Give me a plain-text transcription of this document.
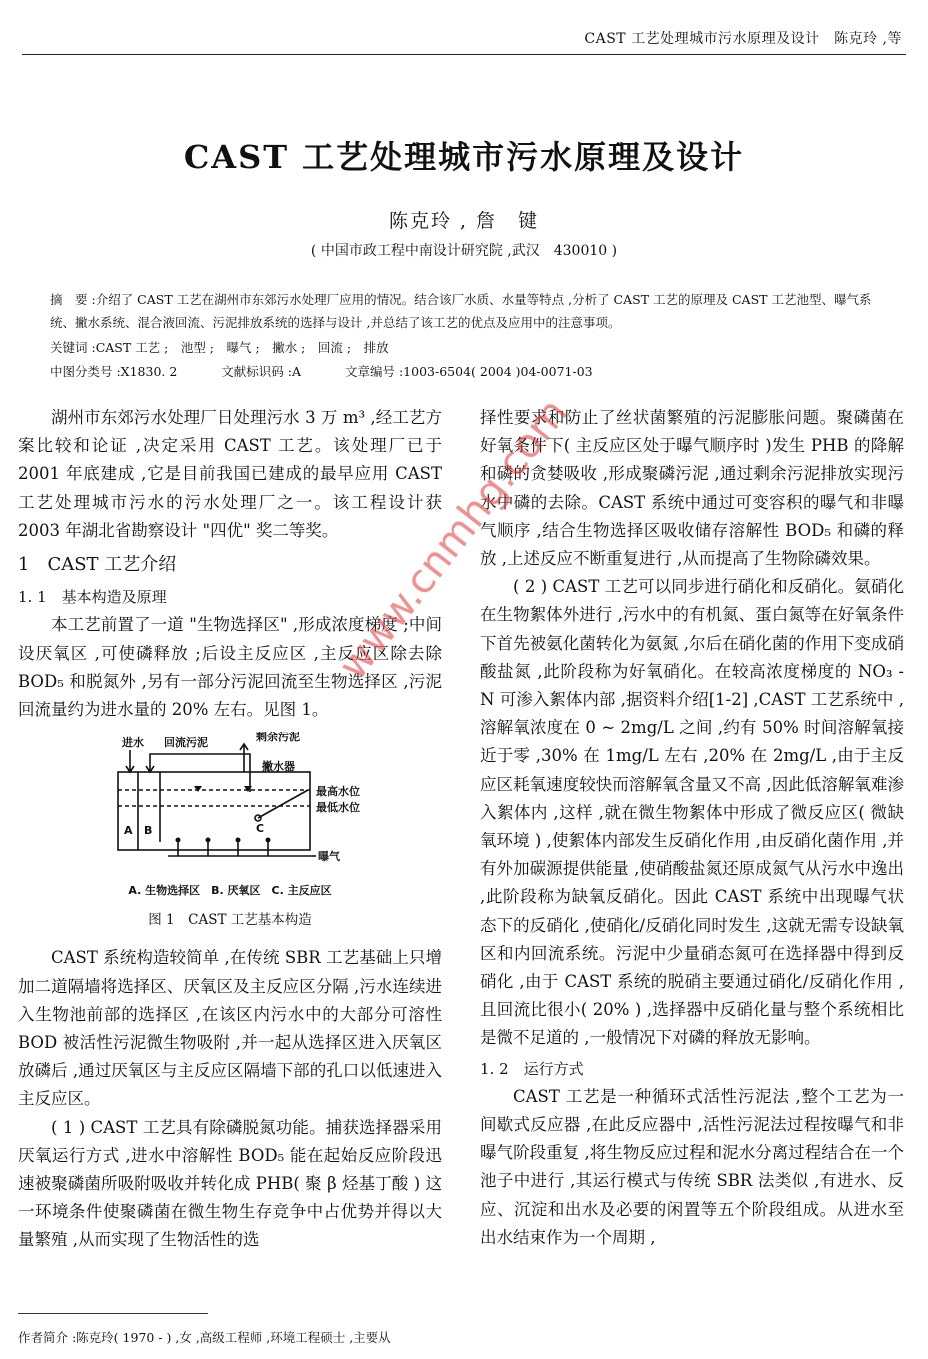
CAST 工艺处理城市污水原理及设计　陈克玲 ,等
CAST 工艺处理城市污水原理及设计
陈克玲 , 詹　键
( 中国市政工程中南设计研究院 ,武汉　430010 )
摘　要 :介绍了 CAST 工艺在湖州市东郊污水处理厂应用的情况。结合该厂水质、水量等特点 ,分析了 CAST 工艺的原理及 CAST 工艺池型、曝气系统、撇水系统、混合液回流、污泥排放系统的选择与设计 ,并总结了该工艺的优点及应用中的注意事项。
关键词 :CAST 工艺 ;　池型 ;　曝气 ;　撇水 ;　回流 ;　排放
中图分类号 :X1830. 2	文献标识码 :A	文章编号 :1003-6504( 2004 )04-0071-03

湖州市东郊污水处理厂日处理污水 3 万 m³ ,经工艺方案比较和论证 ,决定采用 CAST 工艺。该处理厂已于 2001 年底建成 ,它是目前我国已建成的最早应用 CAST 工艺处理城市污水的污水处理厂之一。该工程设计获 2003 年湖北省勘察设计 "四优" 奖二等奖。

1　CAST 工艺介绍
1. 1　基本构造及原理

本工艺前置了一道 "生物选择区" ,形成浓度梯度 ;中间设厌氧区 ,可使磷释放 ;后设主反应区 ,主反应区除去除 BOD₅ 和脱氮外 ,另有一部分污泥回流至生物选择区 ,污泥回流量约为进水量的 20% 左右。见图 1。

进水 回流污泥	剩余污泥
撇水器
最高水位
最低水位
曝气
A B	C
A. 生物选择区　B. 厌氧区　C. 主反应区
图 1　CAST 工艺基本构造

CAST 系统构造较简单 ,在传统 SBR 工艺基础上只增加二道隔墙将选择区、厌氧区及主反应区分隔 ,污水连续进入生物池前部的选择区 ,在该区内污水中的大部分可溶性 BOD 被活性污泥微生物吸附 ,并一起从选择区进入厌氧区放磷后 ,通过厌氧区与主反应区隔墙下部的孔口以低速进入主反应区。

( 1 ) CAST 工艺具有除磷脱氮功能。捕获选择器采用厌氧运行方式 ,进水中溶解性 BOD₅ 能在起始反应阶段迅速被聚磷菌所吸附吸收并转化成 PHB( 聚 β 烃基丁酸 ) 这一环境条件使聚磷菌在微生物生存竞争中占优势并得以大量繁殖 ,从而实现了生物活性的选

作者简介 :陈克玲( 1970 - ) ,女 ,高级工程师 ,环境工程硕士 ,主要从

择性要求和防止了丝状菌繁殖的污泥膨胀问题。聚磷菌在好氧条件下( 主反应区处于曝气顺序时 )发生 PHB 的降解和磷的贪婪吸收 ,形成聚磷污泥 ,通过剩余污泥排放实现污水中磷的去除。CAST 系统中通过可变容积的曝气和非曝气顺序 ,结合生物选择区吸收储存溶解性 BOD₅ 和磷的释放 ,上述反应不断重复进行 ,从而提高了生物除磷效果。

( 2 ) CAST 工艺可以同步进行硝化和反硝化。氨硝化在生物絮体外进行 ,污水中的有机氮、蛋白氮等在好氧条件下首先被氨化菌转化为氨氮 ,尔后在硝化菌的作用下变成硝酸盐氮 ,此阶段称为好氧硝化。在较高浓度梯度的 NO₃ - N 可渗入絮体内部 ,据资料介绍[1-2] ,CAST 工艺系统中 ,溶解氧浓度在 0 ~ 2mg/L 之间 ,约有 50% 时间溶解氧接近于零 ,30% 在 1mg/L 左右 ,20% 在 2mg/L ,由于主反应区耗氧速度较快而溶解氧含量又不高 ,因此低溶解氧难渗入絮体内 ,这样 ,就在微生物絮体中形成了微反应区( 微缺氧环境 ) ,使絮体内部发生反硝化作用 ,由反硝化菌作用 ,并有外加碳源提供能量 ,使硝酸盐氮还原成氮气从污水中逸出 ,此阶段称为缺氧反硝化。因此 CAST 系统中出现曝气状态下的反硝化 ,使硝化/反硝化同时发生 ,这就无需专设缺氧区和内回流系统。污泥中少量硝态氮可在选择器中得到反硝化 ,由于 CAST 系统的脱硝主要通过硝化/反硝化作用 ,且回流比很小( 20% ) ,选择器中反硝化量与整个系统相比是微不足道的 ,一般情况下对磷的释放无影响。

1. 2　运行方式

CAST 工艺是一种循环式活性污泥法 ,整个工艺为一间歇式反应器 ,在此反应器中 ,活性污泥法过程按曝气和非曝气阶段重复 ,将生物反应过程和泥水分离过程结合在一个池子中进行 ,其运行模式与传统 SBR 法类似 ,有进水、反应、沉淀和出水及必要的闲置等五个阶段组成。从进水至出水结束作为一个周期 ,

www.cnmhg.com
